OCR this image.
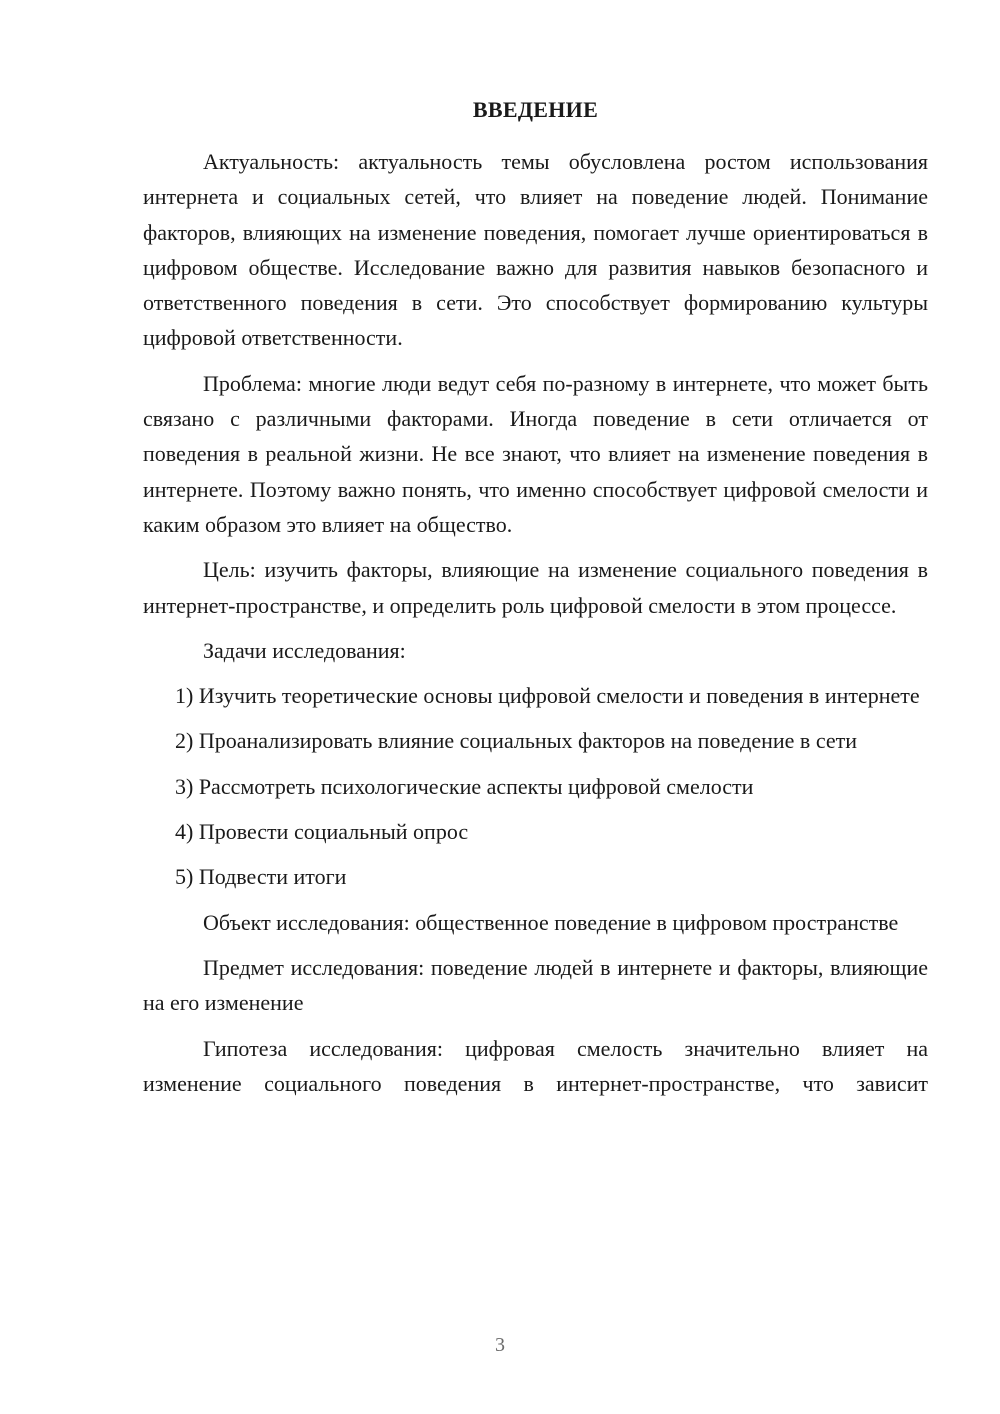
ВВЕДЕНИЕ

Актуальность: актуальность темы обусловлена ростом использования интернета и социальных сетей, что влияет на поведение людей. Понимание факторов, влияющих на изменение поведения, помогает лучше ориентироваться в цифровом обществе. Исследование важно для развития навыков безопасного и ответственного поведения в сети. Это способствует формированию культуры цифровой ответственности.

Проблема: многие люди ведут себя по-разному в интернете, что может быть связано с различными факторами. Иногда поведение в сети отличается от поведения в реальной жизни. Не все знают, что влияет на изменение поведения в интернете. Поэтому важно понять, что именно способствует цифровой смелости и каким образом это влияет на общество.

Цель: изучить факторы, влияющие на изменение социального поведения в интернет-пространстве, и определить роль цифровой смелости в этом процессе.

Задачи исследования:

1) Изучить теоретические основы цифровой смелости и поведения в интернете

2) Проанализировать влияние социальных факторов на поведение в сети

3) Рассмотреть психологические аспекты цифровой смелости

4) Провести социальный опрос

5) Подвести итоги

Объект исследования: общественное поведение в цифровом пространстве

Предмет исследования: поведение людей в интернете и факторы, влияющие на его изменение

Гипотеза исследования: цифровая смелость значительно влияет на изменение социального поведения в интернет-пространстве, что зависит

3
